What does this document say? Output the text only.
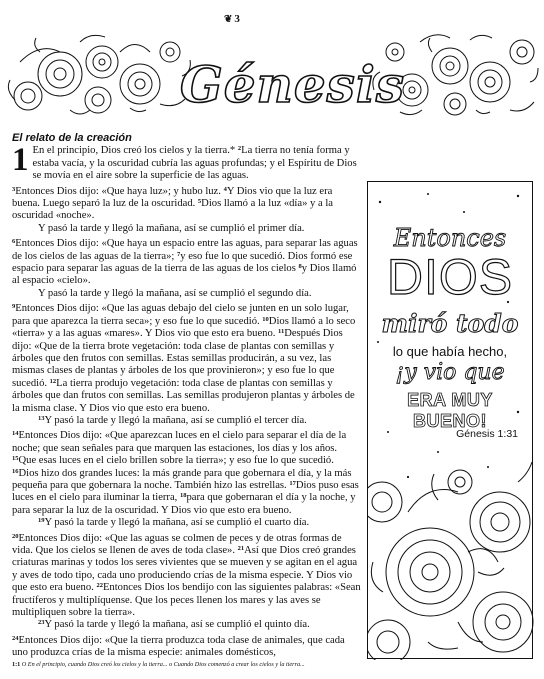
❦ 3
Génesis
El relato de la creación

1 En el principio, Dios creó los cielos y la tierra.* $^2$La tierra no tenía forma y estaba vacía, y la oscuridad cubría las aguas profundas; y el Espíritu de Dios se movía en el aire sobre la superficie de las aguas.

$^3$Entonces Dios dijo: «Que haya luz»; y hubo luz. $^4$Y Dios vio que la luz era buena. Luego separó la luz de la oscuridad. $^5$Dios llamó a la luz «día» y a la oscuridad «noche».
Y pasó la tarde y llegó la mañana, así se cumplió el primer día.

$^6$Entonces Dios dijo: «Que haya un espacio entre las aguas, para separar las aguas de los cielos de las aguas de la tierra»; $^7$y eso fue lo que sucedió. Dios formó ese espacio para separar las aguas de la tierra de las aguas de los cielos $^8$y Dios llamó al espacio «cielo».
Y pasó la tarde y llegó la mañana, así se cumplió el segundo día.

$^9$Entonces Dios dijo: «Que las aguas debajo del cielo se junten en un solo lugar, para que aparezca la tierra seca»; y eso fue lo que sucedió. $^{10}$Dios llamó a lo seco «tierra» y a las aguas «mares». Y Dios vio que esto era bueno. $^{11}$Después Dios dijo: «Que de la tierra brote vegetación: toda clase de plantas con semillas y árboles que den frutos con semillas. Estas semillas producirán, a su vez, las mismas clases de plantas y árboles de los que provinieron»; y eso fue lo que sucedió. $^{12}$La tierra produjo vegetación: toda clase de plantas con semillas y árboles que dan frutos con semillas. Las semillas produjeron plantas y árboles de la misma clase. Y Dios vio que esto era bueno.
$^{13}$Y pasó la tarde y llegó la mañana, así se cumplió el tercer día.

$^{14}$Entonces Dios dijo: «Que aparezcan luces en el cielo para separar el día de la noche; que sean señales para que marquen las estaciones, los días y los años. $^{15}$Que esas luces en el cielo brillen sobre la tierra»; y eso fue lo que sucedió. $^{16}$Dios hizo dos grandes luces: la más grande para que gobernara el día, y la más pequeña para que gobernara la noche. También hizo las estrellas. $^{17}$Dios puso esas luces en el cielo para iluminar la tierra, $^{18}$para que gobernaran el día y la noche, y para separar la luz de la oscuridad. Y Dios vio que esto era bueno.
$^{19}$Y pasó la tarde y llegó la mañana, así se cumplió el cuarto día.

$^{20}$Entonces Dios dijo: «Que las aguas se colmen de peces y de otras formas de vida. Que los cielos se llenen de aves de toda clase». $^{21}$Así que Dios creó grandes criaturas marinas y todos los seres vivientes que se mueven y se agitan en el agua y aves de todo tipo, cada uno produciendo crías de la misma especie. Y Dios vio que esto era bueno. $^{22}$Entonces Dios los bendijo con las siguientes palabras: «Sean fructíferos y multiplíquense. Que los peces llenen los mares y las aves se multipliquen sobre la tierra».
$^{23}$Y pasó la tarde y llegó la mañana, así se cumplió el quinto día.

$^{24}$Entonces Dios dijo: «Que la tierra produzca toda clase de animales, que cada uno produzca crías de la misma especie: animales domésticos,

1:1 O En el principio, cuando Dios creó los cielos y la tierra... o Cuando Dios comenzó a crear los cielos y la tierra...
Entonces
DIOS
miró todo
lo que había hecho,
¡y vio que
ERA MUY BUENO!
Génesis 1:31
